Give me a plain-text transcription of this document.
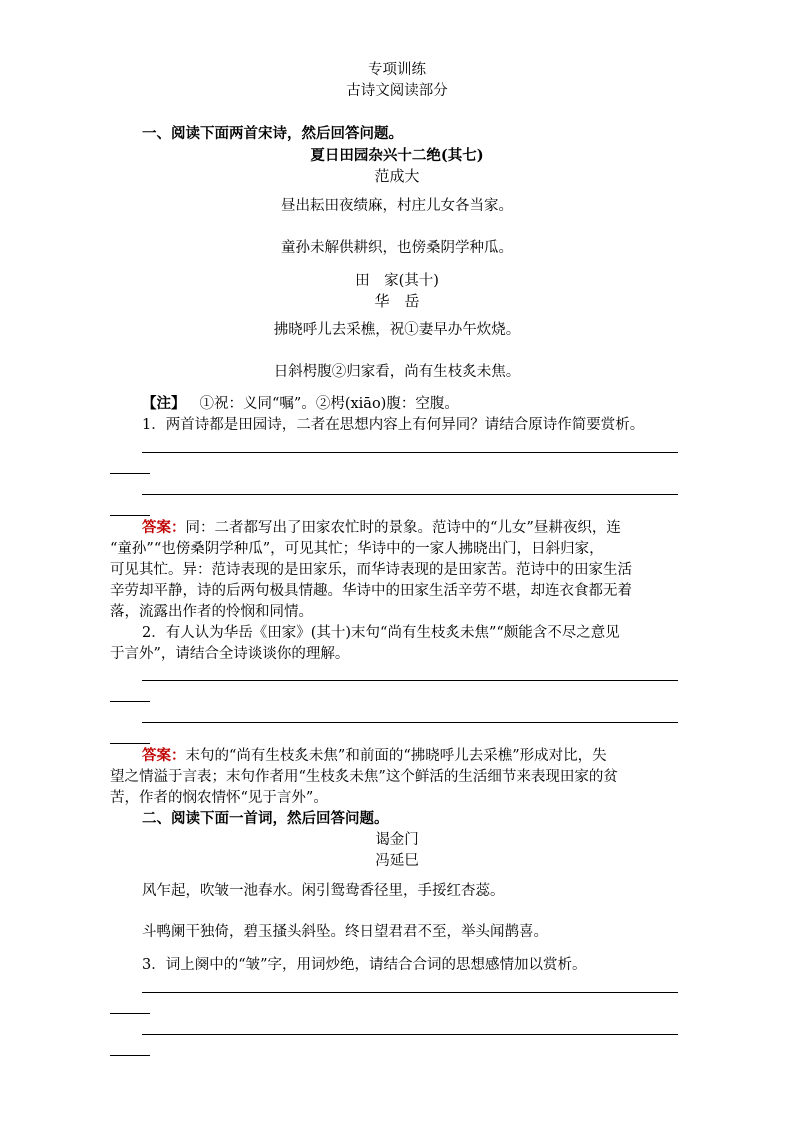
专项训练
古诗文阅读部分
一、阅读下面两首宋诗，然后回答问题。
夏日田园杂兴十二绝(其七)
范成大
昼出耘田夜绩麻，村庄儿女各当家。
童孙未解供耕织，也傍桑阴学种瓜。
田　家(其十)
华　岳
拂晓呼儿去采樵，祝①妻早办午炊烧。
日斜枵腹②归家看，尚有生枝炙未焦。
【注】 ①祝：义同“嘱”。②枵(xiāo)腹：空腹。
1．两首诗都是田园诗，二者在思想内容上有何异同？请结合原诗作简要赏析。
答案：同：二者都写出了田家农忙时的景象。范诗中的“儿女”昼耕夜织，连
“童孙”“也傍桑阴学种瓜”，可见其忙；华诗中的一家人拂晓出门，日斜归家，
可见其忙。异：范诗表现的是田家乐，而华诗表现的是田家苦。范诗中的田家生活
辛劳却平静，诗的后两句极具情趣。华诗中的田家生活辛劳不堪，却连衣食都无着
落，流露出作者的怜悯和同情。
2．有人认为华岳《田家》(其十)末句“尚有生枝炙未焦”“颇能含不尽之意见
于言外”，请结合全诗谈谈你的理解。
答案：末句的“尚有生枝炙未焦”和前面的“拂晓呼儿去采樵”形成对比，失
望之情溢于言表；末句作者用“生枝炙未焦”这个鲜活的生活细节来表现田家的贫
苦，作者的悯农情怀“见于言外”。
二、阅读下面一首词，然后回答问题。
谒金门
冯延巳
风乍起，吹皱一池春水。闲引鸳鸯香径里，手挼红杏蕊。
斗鸭阑干独倚，碧玉搔头斜坠。终日望君君不至，举头闻鹊喜。
3．词上阕中的“皱”字，用词炒绝，请结合合词的思想感情加以赏析。
